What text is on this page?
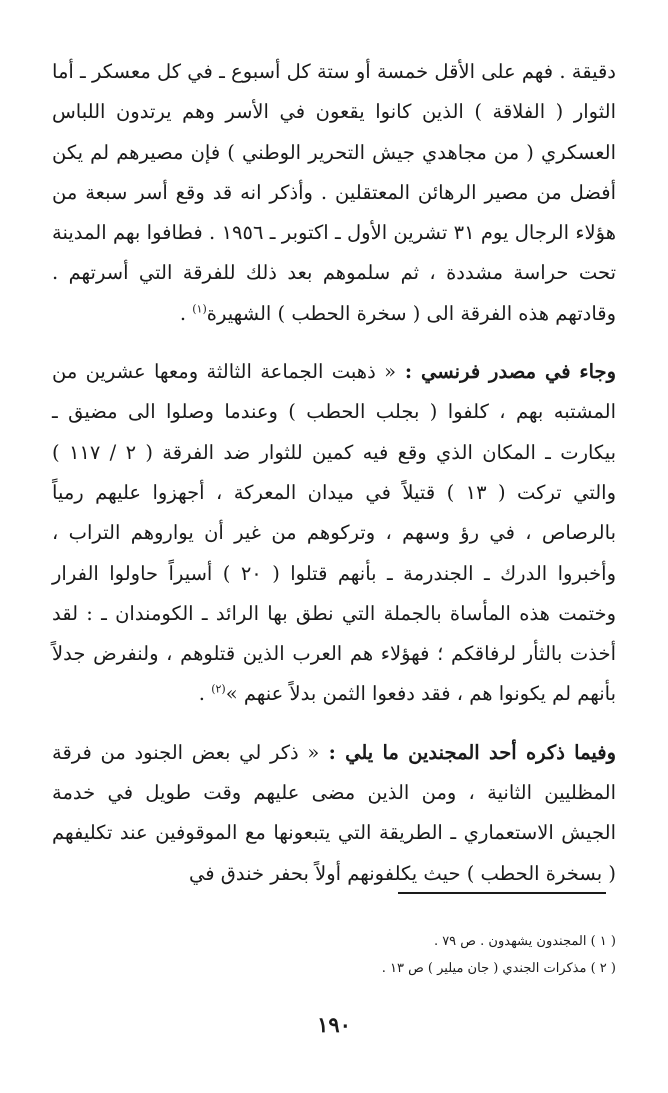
دقيقة . فهم على الأقل خمسة أو ستة كل أسبوع ـ في كل معسكر ـ أما الثوار ( الفلاقة ) الذين كانوا يقعون في الأسر وهم يرتدون اللباس العسكري ( من مجاهدي جيش التحرير الوطني ) فإن مصيرهم لم يكن أفضل من مصير الرهائن المعتقلين . وأذكر انه قد وقع أسر سبعة من هؤلاء الرجال يوم ٣١ تشرين الأول ـ اكتوبر ـ ١٩٥٦ . فطافوا بهم المدينة تحت حراسة مشددة ، ثم سلموهم بعد ذلك للفرقة التي أسرتهم . وقادتهم هذه الفرقة الى ( سخرة الحطب ) الشهيرة$^{(١)}$ .

وجاء في مصدر فرنسي : « ذهبت الجماعة الثالثة ومعها عشرين من المشتبه بهم ، كلفوا ( بجلب الحطب ) وعندما وصلوا الى مضيق ـ بيكارت ـ المكان الذي وقع فيه كمين للثوار ضد الفرقة ( ٢ / ١١٧ ) والتي تركت ( ١٣ ) قتيلاً في ميدان المعركة ، أجهزوا عليهم رمياً بالرصاص ، في رؤ وسهم ، وتركوهم من غير أن يواروهم التراب ، وأخبروا الدرك ـ الجندرمة ـ بأنهم قتلوا ( ٢٠ ) أسيراً حاولوا الفرار وختمت هذه المأساة بالجملة التي نطق بها الرائد ـ الكومندان ـ : لقد أخذت بالثأر لرفاقكم ؛ فهؤلاء هم العرب الذين قتلوهم ، ولنفرض جدلاً بأنهم لم يكونوا هم ، فقد دفعوا الثمن بدلاً عنهم »$^{(٢)}$ .

وفيما ذكره أحد المجندين ما يلي : « ذكر لي بعض الجنود من فرقة المظليين الثانية ، ومن الذين مضى عليهم وقت طويل في خدمة الجيش الاستعماري ـ الطريقة التي يتبعونها مع الموقوفين عند تكليفهم ( بسخرة الحطب ) حيث يكلفونهم أولاً بحفر خندق في

( ١ ) المجندون يشهدون . ص ٧٩ .
( ٢ ) مذكرات الجندي ( جان ميلير ) ص ١٣ .
١٩٠
